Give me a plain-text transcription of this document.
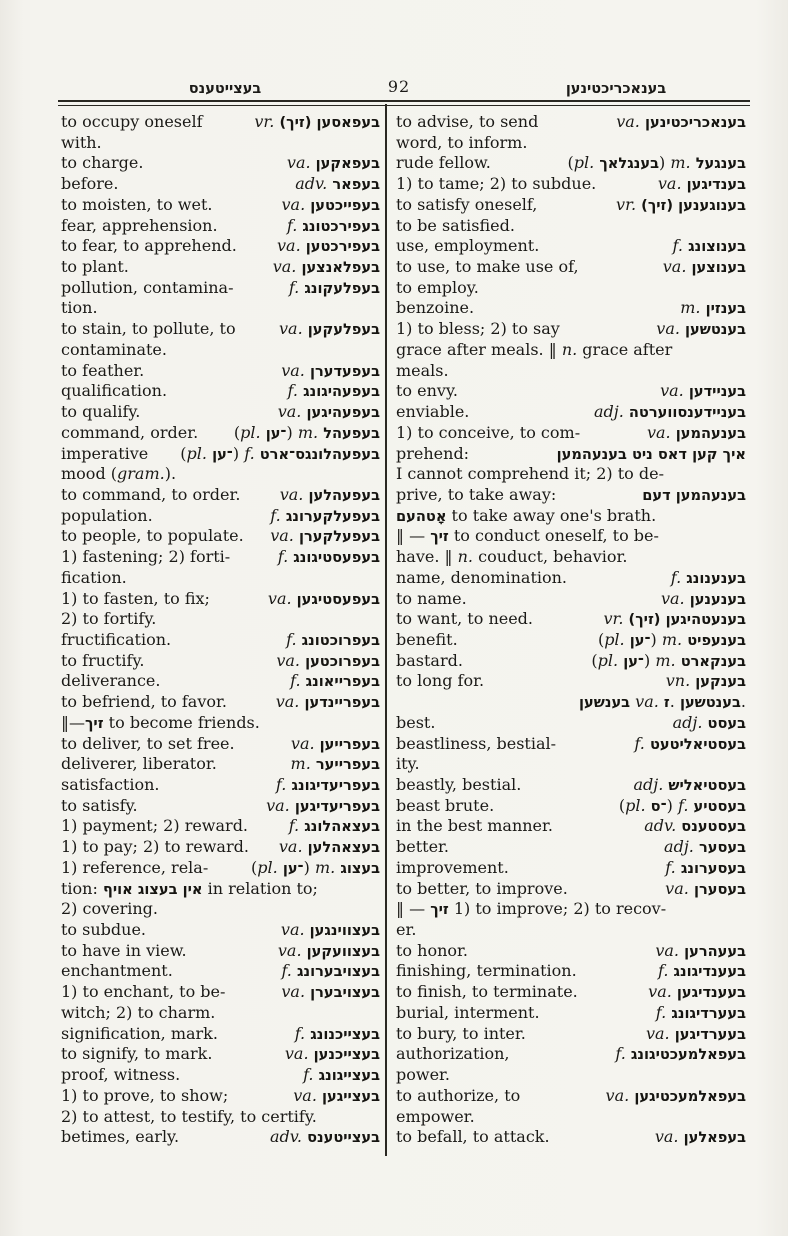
בעצייטענס	92	בענאכריכטינען
to occupy oneself	vr. (זיך) בעפאסען
with.
to charge.	va. בעפאקען
before.	adv. בעפאר
to moisten, to wet.	va. בעפייכטען
fear, apprehension.	f. בעפירכטונג
to fear, to apprehend.	va. בעפירכטען
to plant.	va. בעפלאנצען
pollution, contamina-	f. בעפלעקונג
tion.
to stain, to pollute, to	va. בעפלעקען
contaminate.
to feather.	va. בעפעדערן
qualification.	f. בעפעהיגונג
to qualify.	va. בעפעהיגען
command, order. (pl. ־ען) m. בעפעהל
imperative (pl. ־ען) f. בעפעהלונגס־ארט
mood (gram.).
to command, to order. va. בעפעהלען
population.	f. בעפעלקערונג
to people, to populate. va. בעפעלקערן
1) fastening; 2) forti-	f. בעפעסטיגונג
fication.
1) to fasten, to fix;	va. בעפעסטיגען
2) to fortify.
fructification.	f. בעפרוכטונג
to fructify.	va. בעפרוכטען
deliverance.	f. בעפרייאונג
to befriend, to favor.	va. בעפריינדען
‖—זיך to become friends.
to deliver, to set free.	va. בעפרייען
deliverer, liberator.	m. בעפרייער
satisfaction.	f. בעפריעדיגונג
to satisfy.	va. בעפריעדיגען
1) payment; 2) reward.	f. בעצאהלונג
1) to pay; 2) to reward. va. בעצאהלען
1) reference, rela-	(pl. ־ען) m. בעצוג
tion: אין בעצוג אויף in relation to;
2) covering.
to subdue.	va. בעצווינגען
to have in view.	va. בעצוועקען
enchantment.	f. בעצויבערונג
1) to enchant, to be-	va. בעצויבערן
witch; 2) to charm.
signification, mark.	f. בעצייכנונג
to signify, to mark.	va. בעצייכנען
proof, witness.	f. בעצייגונג
1) to prove, to show;	va. בעצייגען
2) to attest, to testify, to certify.
betimes, early.	adv. בעצייטענס
to advise, to send	va. בענאכריכטינען
word, to inform.
rude fellow.	(pl. בענגלאך) m. בענגעל
1) to tame; 2) to subdue.	va. בענדיגען
to satisfy oneself,	vr. (זיך) בענוגענען
to be satisfied.
use, employment.	f. בענוצונג
to use, to make use of,	va. בענוצען
to employ.
benzoine.	m. בענזין
1) to bless; 2) to say	va. בענטשען
grace after meals. ‖ n. grace after
meals.
to envy.	va. בעניידען
enviable.	adj. בעניידענסווערטה
1) to conceive, to com-	va. בענעהמען
prehend:	איך קען דאס ניט בענעהמען
I cannot comprehend it; 2) to de-
prive, to take away:	בענעהמען דעם
אָטהעם to take away one's brath.
‖ — זיך to conduct oneself, to be-
have. ‖ n. couduct, behavior.
name, denomination.	f. בענענונג
to name.	va. בענענען
to want, to need.	vr. (זיך) בענעטהיגען
benefit.	(pl. ־ען) m. בענעפיט
bastard.	(pl. ־ען) m. בענקארט
to long for.	vn. בענקען
בענשען va. ז. בענטשען.
best.	adj. בעסט
beastliness, bestial-	f. בעסטיאליטעט
ity.
beastly, bestial.	adj. בעסטיאליש
beast brute.	(pl. ־ס) f. בעסטיע
in the best manner.	adv. בעסטענס
better.	adj. בעסער
improvement.	f. בעסערונג
to better, to improve.	va. בעסערן
‖ — זיך 1) to improve; 2) to recov-
er.
to honor.	va. בעעהרען
finishing, termination.	f. בעענדיגונג
to finish, to terminate.	va. בעענדיגען
burial, interment.	f. בעערדיגונג
to bury, to inter.	va. בעערדיגען
authorization,	f. בעפאלמעכטיגונג
power.
to authorize, to	va. בעפאלמעכטיגען
empower.
to befall, to attack.	va. בעפאלען
